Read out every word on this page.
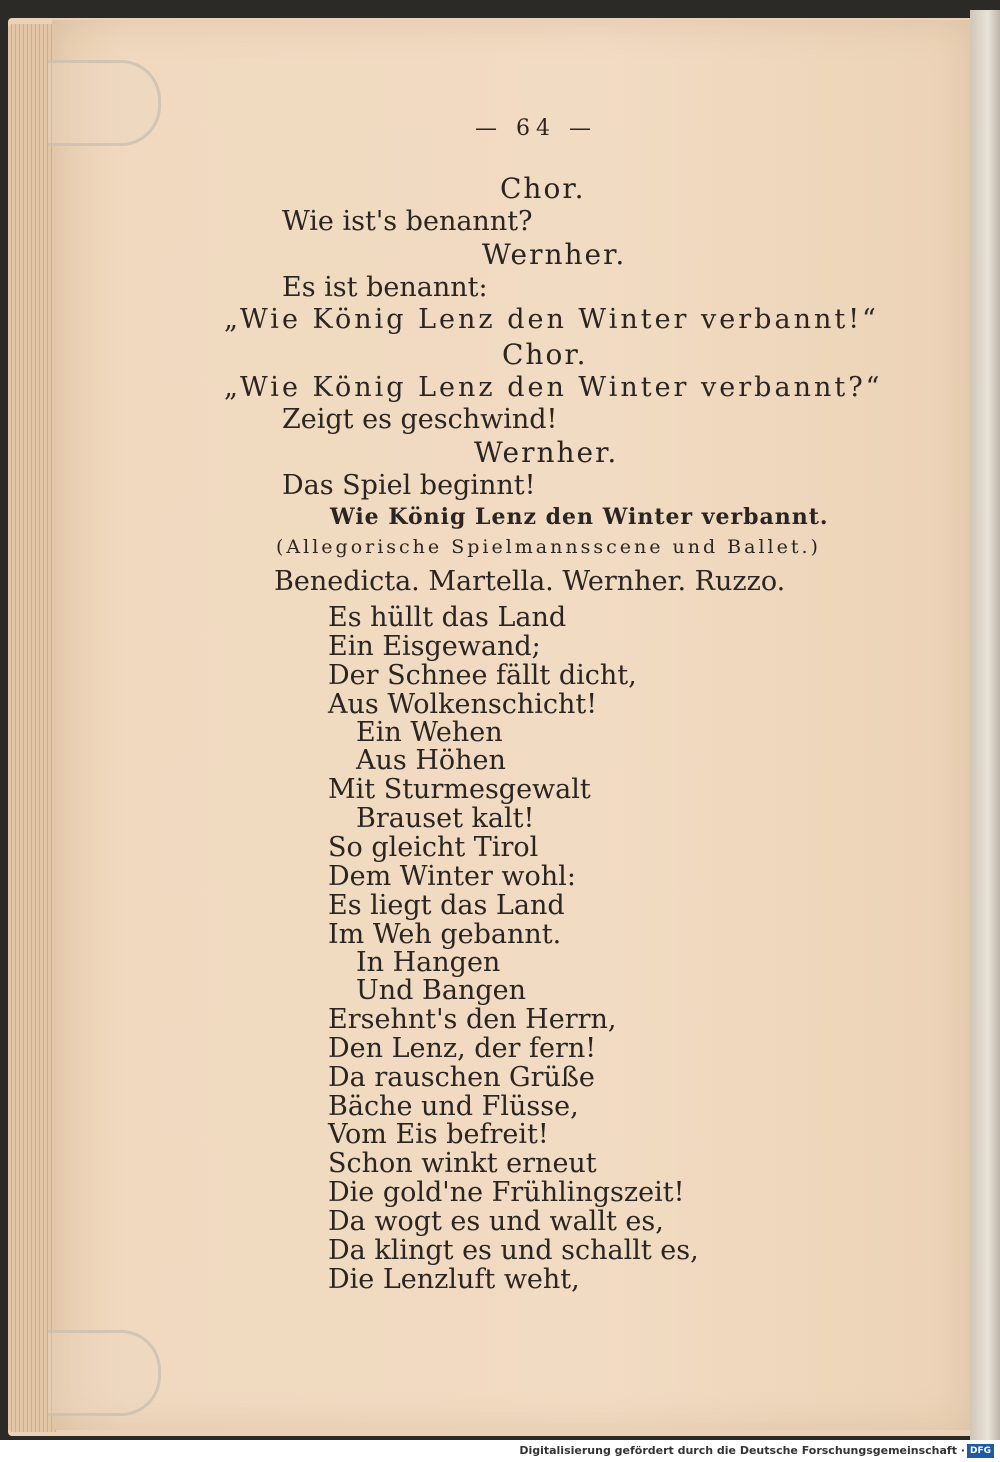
— 64 —
Chor.
Wie ist's benannt?
Wernher.
Es ist benannt:
„Wie König Lenz den Winter verbannt!“
Chor.
„Wie König Lenz den Winter verbannt?“
Zeigt es geschwind!
Wernher.
Das Spiel beginnt!
Wie König Lenz den Winter verbannt.
(Allegorische Spielmannsscene und Ballet.)
Benedicta. Martella. Wernher. Ruzzo.
Es hüllt das Land
Ein Eisgewand;
Der Schnee fällt dicht,
Aus Wolkenschicht!
Ein Wehen
Aus Höhen
Mit Sturmesgewalt
Brauset kalt!
So gleicht Tirol
Dem Winter wohl:
Es liegt das Land
Im Weh gebannt.
In Hangen
Und Bangen
Ersehnt's den Herrn,
Den Lenz, der fern!
Da rauschen Grüße
Bäche und Flüsse,
Vom Eis befreit!
Schon winkt erneut
Die gold'ne Frühlingszeit!
Da wogt es und wallt es,
Da klingt es und schallt es,
Die Lenzluft weht,
Digitalisierung gefördert durch die Deutsche Forschungsgemeinschaft · DFG
